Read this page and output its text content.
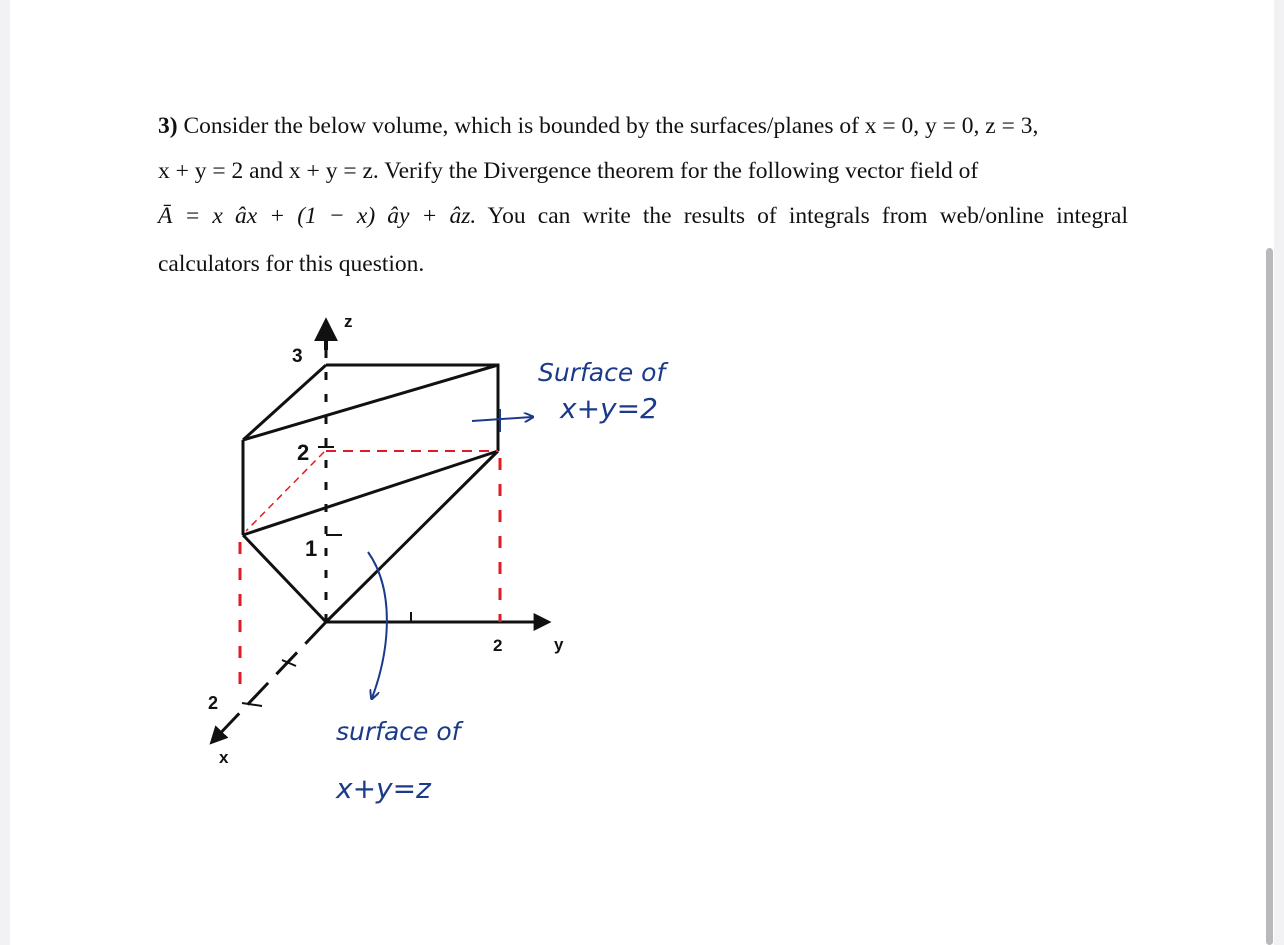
3) Consider the below volume, which is bounded by the surfaces/planes of x = 0, y = 0, z = 3,

x + y = 2 and x + y = z. Verify the Divergence theorem for the following vector field of

Ā = x âx + (1 − x) ây + âz. You can write the results of integrals from web/online integral

calculators for this question.

z
y
x
3
2
1
2
2
Surface of
x+y=2
surface of
x+y=z
